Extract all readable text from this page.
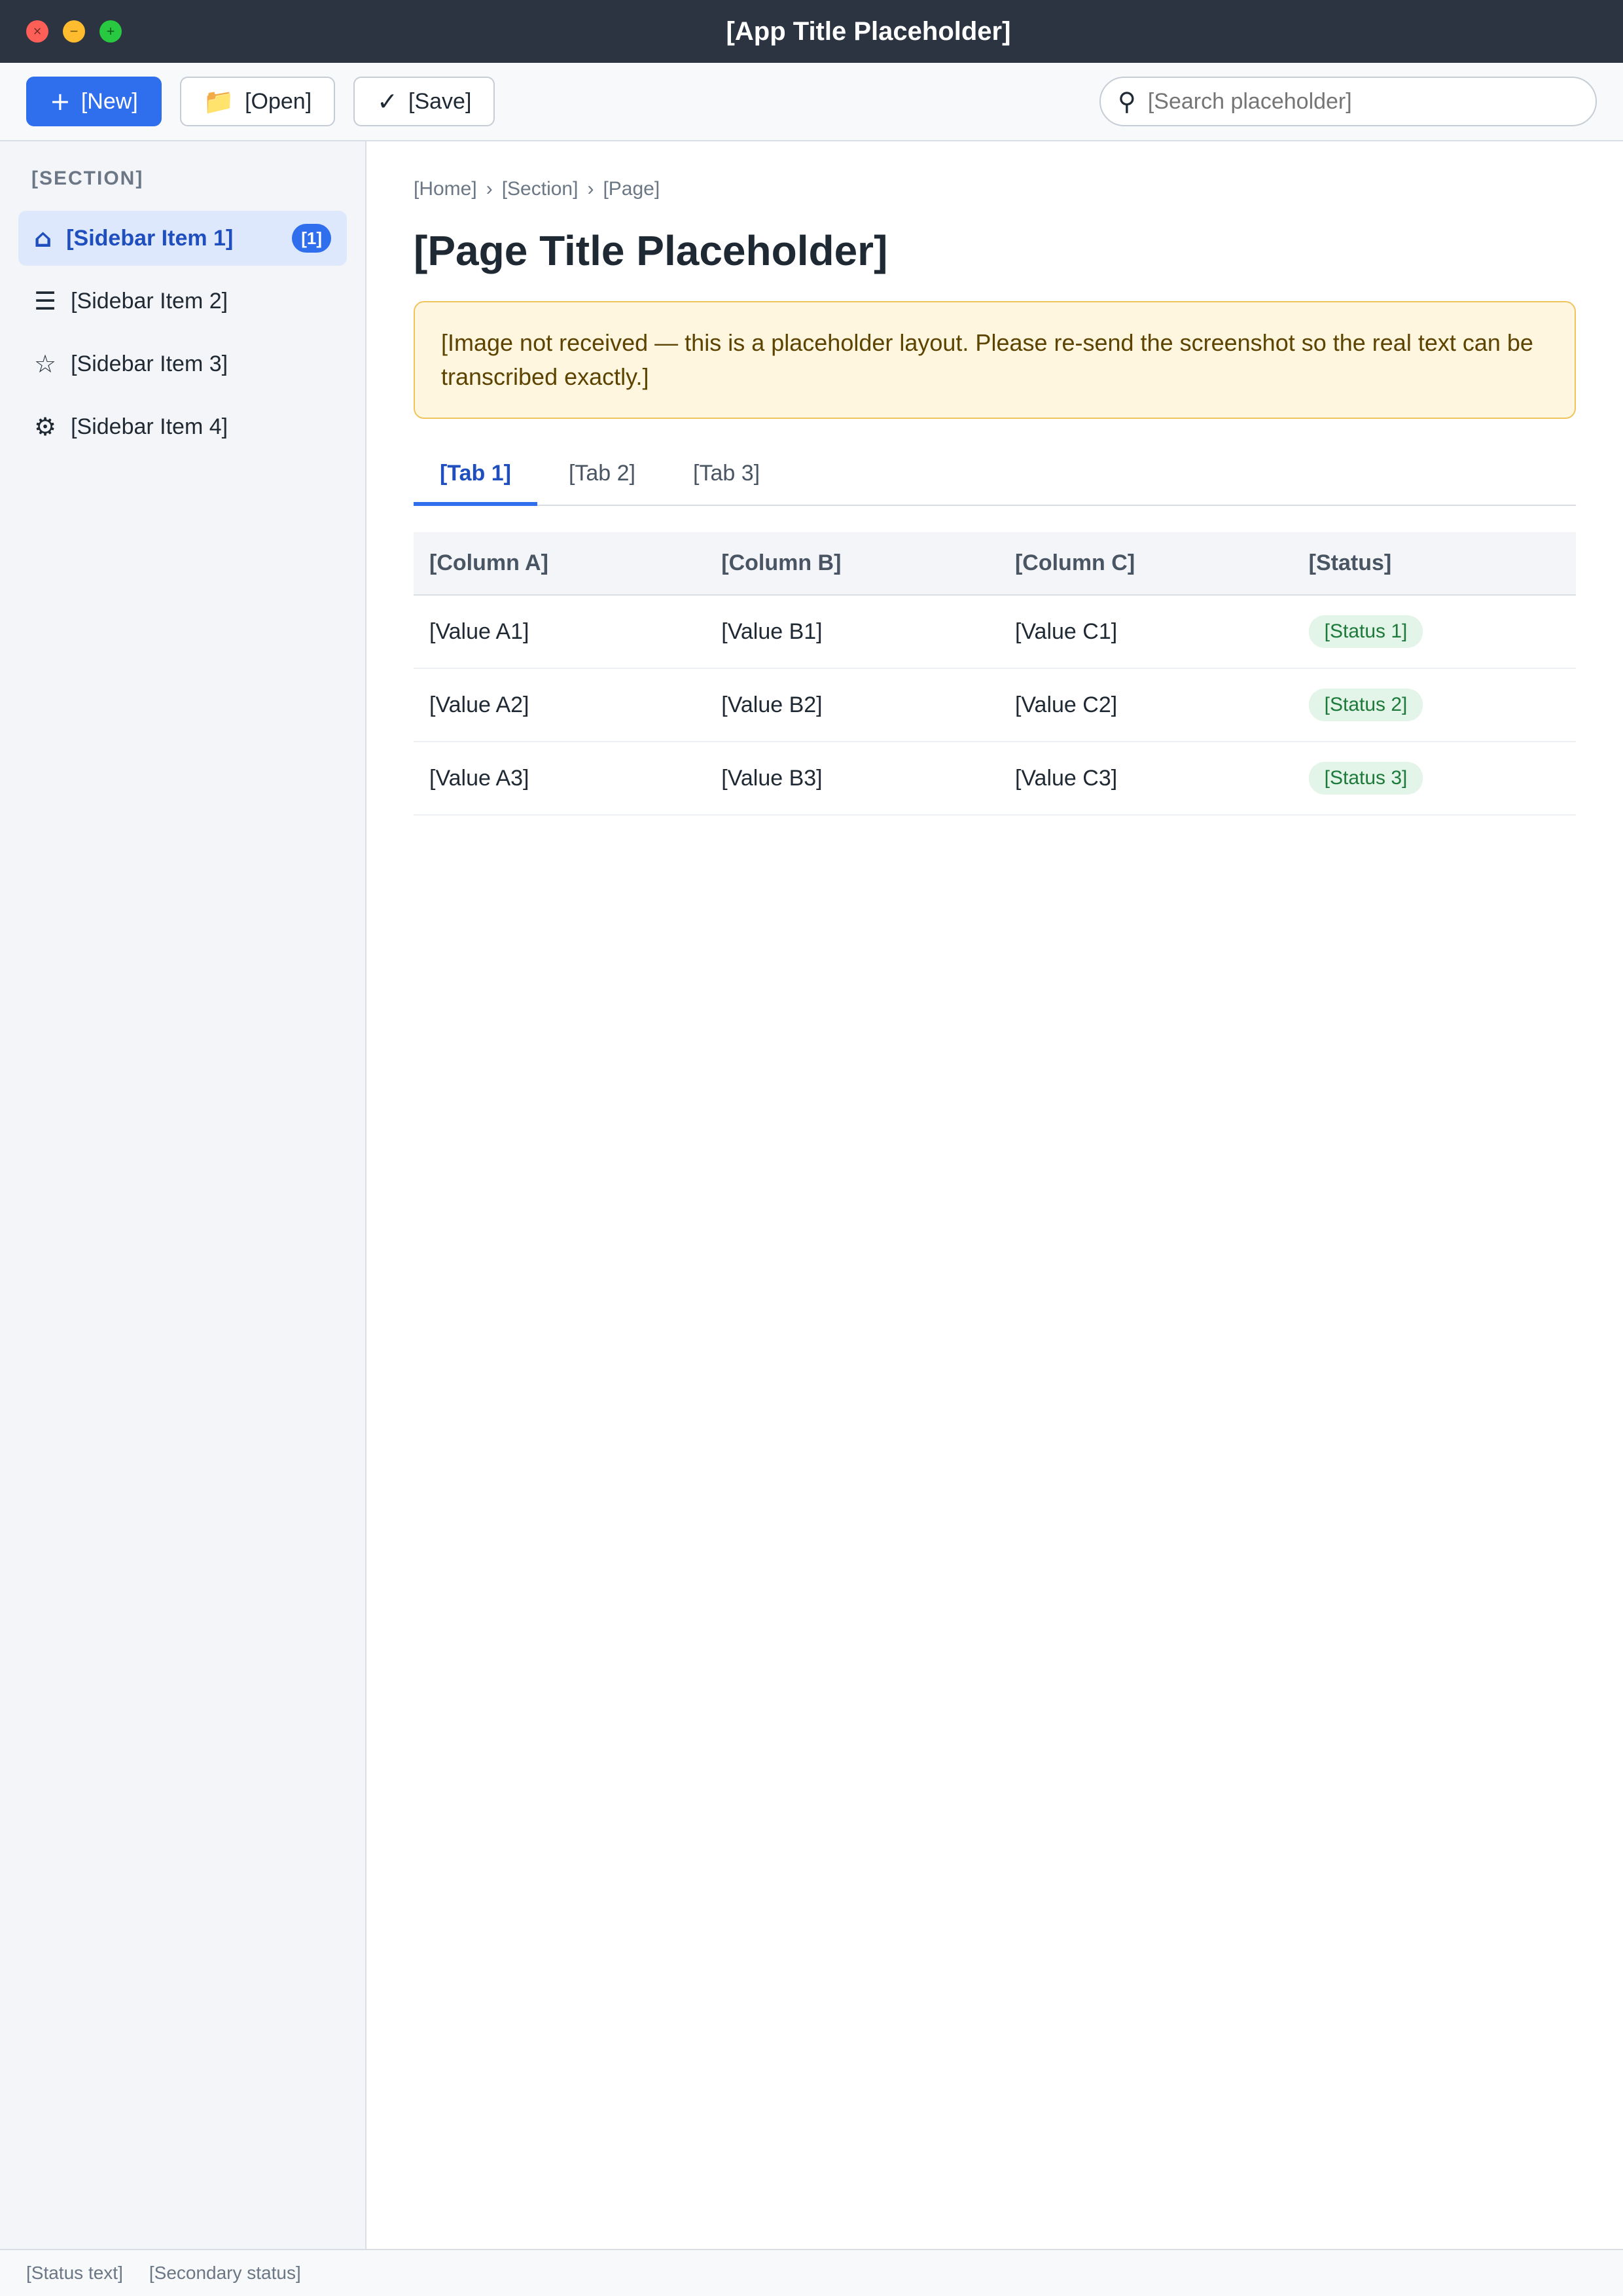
×	−	+	[App Title Placeholder]
+ [New]	📁 [Open]	✓ [Save]	⚲
[Search placeholder]
[SECTION]
⌂ [Sidebar Item 1]	[1]
☰ [Sidebar Item 2]
☆ [Sidebar Item 3]
⚙ [Sidebar Item 4]
[Home] › [Section] › [Page]
[Page Title Placeholder]
[Image not received — this is a placeholder layout. Please re-send the screenshot so the real text can be transcribed exactly.]
[Tab 1]	[Tab 2]	[Tab 3]
[Column A]	[Column B]	[Column C]	[Status]
[Value A1]	[Value B1]	[Value C1]	[Status 1]
[Value A2]	[Value B2]	[Value C2]	[Status 2]
[Value A3]	[Value B3]	[Value C3]	[Status 3]
[Status text] [Secondary status]
